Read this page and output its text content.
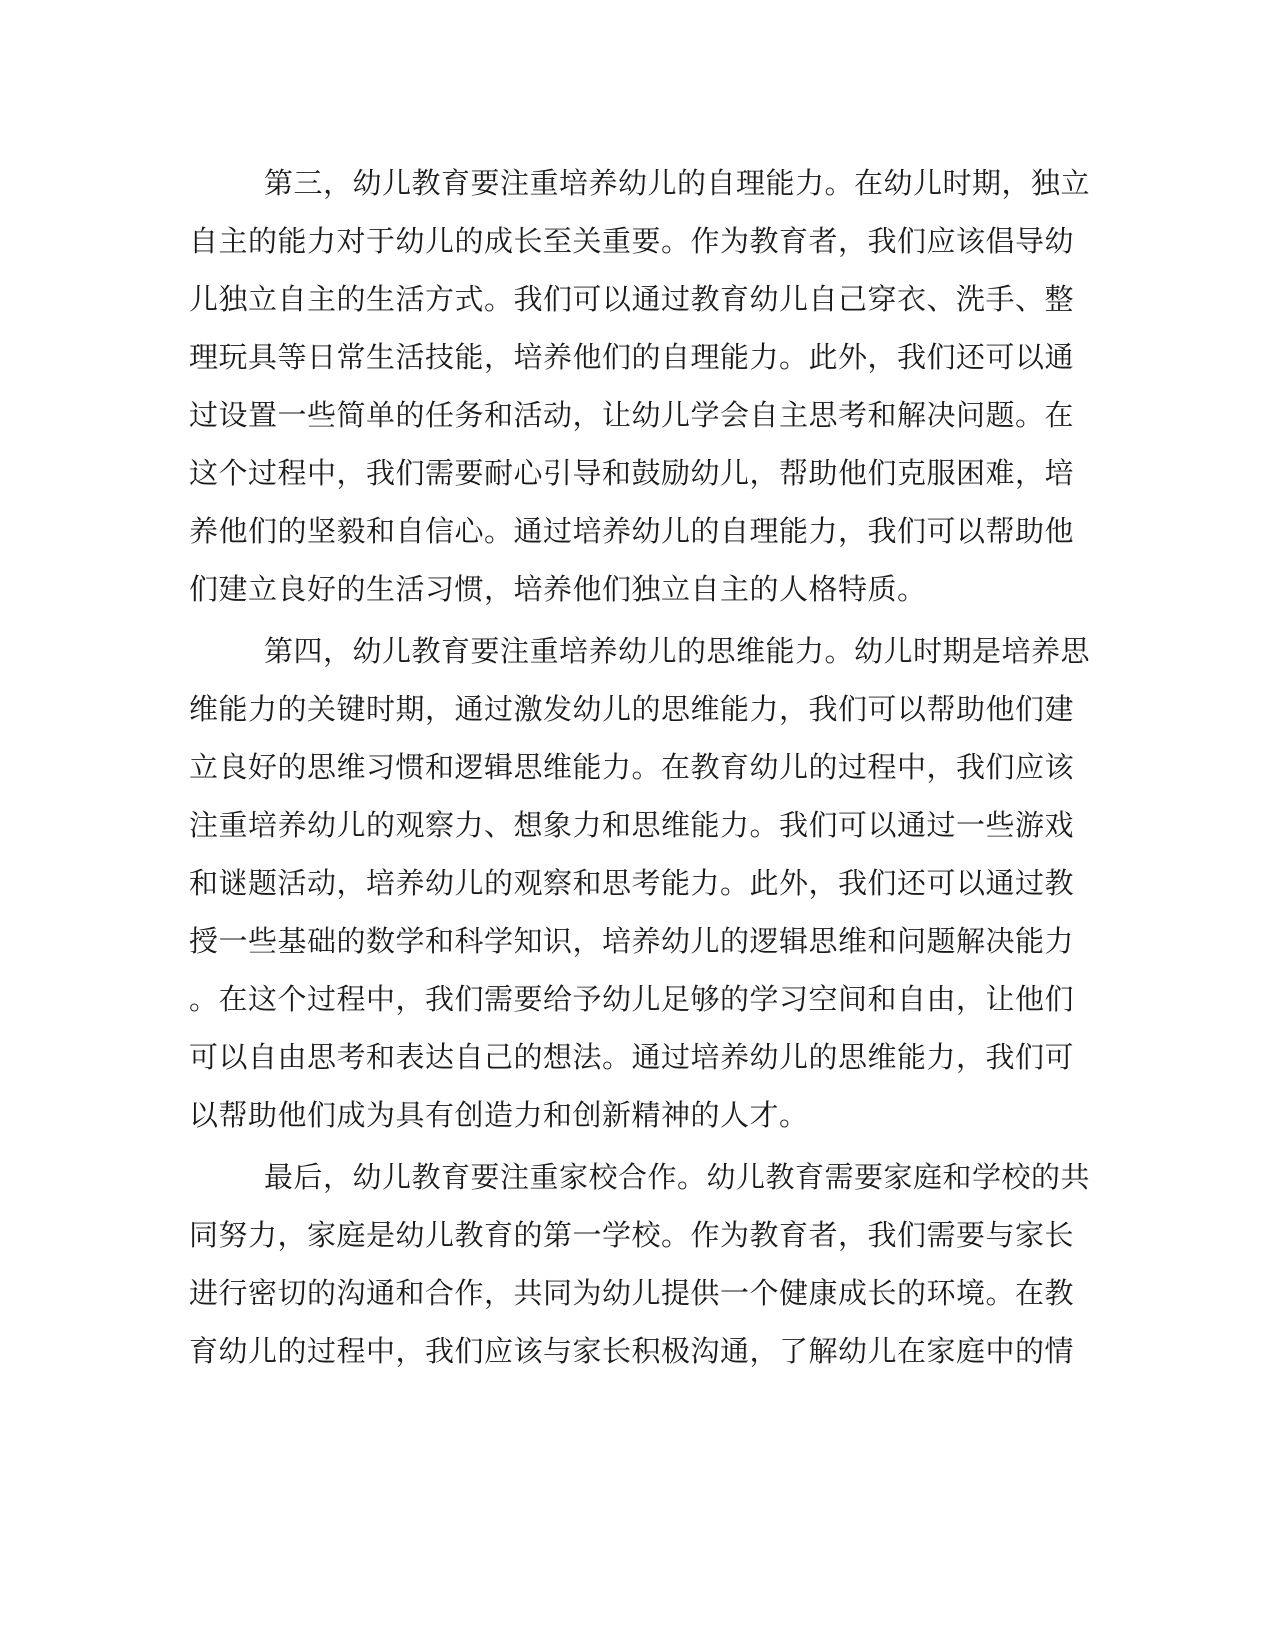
第三，幼儿教育要注重培养幼儿的自理能力。在幼儿时期，独立
自主的能力对于幼儿的成长至关重要。作为教育者，我们应该倡导幼
儿独立自主的生活方式。我们可以通过教育幼儿自己穿衣、洗手、整
理玩具等日常生活技能，培养他们的自理能力。此外，我们还可以通
过设置一些简单的任务和活动，让幼儿学会自主思考和解决问题。在
这个过程中，我们需要耐心引导和鼓励幼儿，帮助他们克服困难，培
养他们的坚毅和自信心。通过培养幼儿的自理能力，我们可以帮助他
们建立良好的生活习惯，培养他们独立自主的人格特质。
第四，幼儿教育要注重培养幼儿的思维能力。幼儿时期是培养思
维能力的关键时期，通过激发幼儿的思维能力，我们可以帮助他们建
立良好的思维习惯和逻辑思维能力。在教育幼儿的过程中，我们应该
注重培养幼儿的观察力、想象力和思维能力。我们可以通过一些游戏
和谜题活动，培养幼儿的观察和思考能力。此外，我们还可以通过教
授一些基础的数学和科学知识，培养幼儿的逻辑思维和问题解决能力
。在这个过程中，我们需要给予幼儿足够的学习空间和自由，让他们
可以自由思考和表达自己的想法。通过培养幼儿的思维能力，我们可
以帮助他们成为具有创造力和创新精神的人才。
最后，幼儿教育要注重家校合作。幼儿教育需要家庭和学校的共
同努力，家庭是幼儿教育的第一学校。作为教育者，我们需要与家长
进行密切的沟通和合作，共同为幼儿提供一个健康成长的环境。在教
育幼儿的过程中，我们应该与家长积极沟通，了解幼儿在家庭中的情
